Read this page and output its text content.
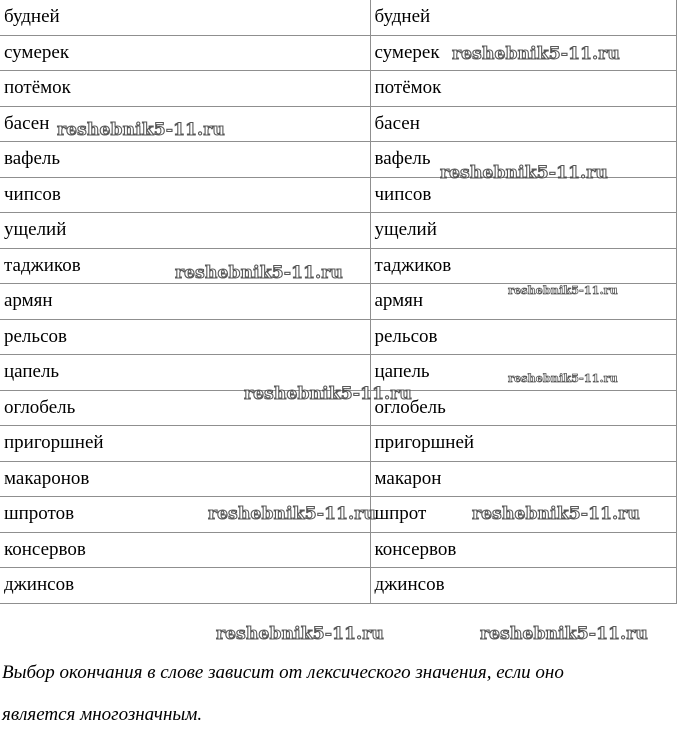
будней	будней
сумерек	сумерек
потёмок	потёмок
басен	басен
вафель	вафель
чипсов	чипсов
ущелий	ущелий
таджиков	таджиков
армян	армян
рельсов	рельсов
цапель	цапель
оглобель	оглобель
пригоршней	пригоршней
макаронов	макарон
шпротов	шпрот
консервов	консервов
джинсов	джинсов
reshebnik5-11.ru
reshebnik5-11.ru
reshebnik5-11.ru
reshebnik5-11.ru
reshebnik5-11.ru
reshebnik5-11.ru
reshebnik5-11.ru
reshebnik5-11.ru	reshebnik5-11.ru
reshebnik5-11.ru	reshebnik5-11.ru
Выбор окончания в слове зависит от лексического значения, если оно
является многозначным.
